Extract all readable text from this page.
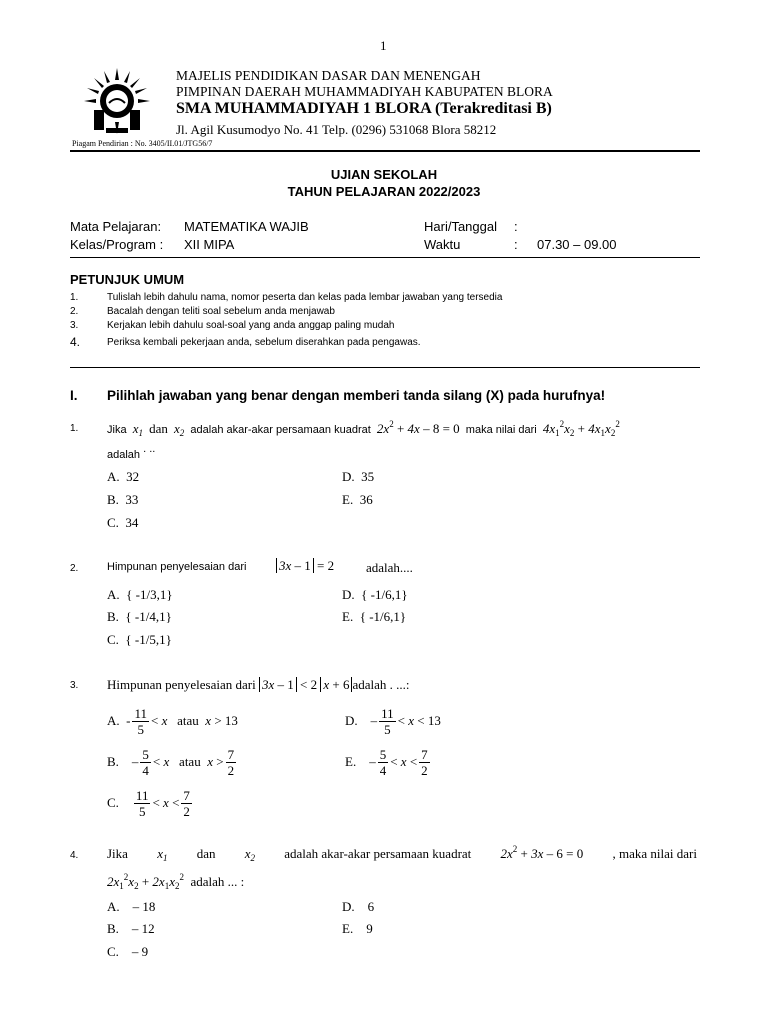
1
MAJELIS PENDIDIKAN DASAR DAN MENENGAH
PIMPINAN DAERAH MUHAMMADIYAH KABUPATEN BLORA
SMA MUHAMMADIYAH 1 BLORA (Terakreditasi B)
Jl. Agil Kusumodyo No. 41 Telp. (0296) 531068 Blora 58212
Piagam Pendirian : No. 3405/II.01/JTG56/7
UJIAN SEKOLAH
TAHUN PELAJARAN 2022/2023
Mata Pelajaran: MATEMATIKA WAJIB	Hari/Tanggal :
Kelas/Program : XII MIPA	Waktu	: 07.30 – 09.00
PETUNJUK UMUM
1.	Tulislah lebih dahulu nama, nomor peserta dan kelas pada lembar jawaban yang tersedia
2.	Bacalah dengan teliti soal sebelum anda menjawab
3.	Kerjakan lebih dahulu soal-soal yang anda anggap paling mudah
4.	Periksa kembali pekerjaan anda, sebelum diserahkan pada pengawas.
I. Pilihlah jawaban yang benar dengan memberi tanda silang (X) pada hurufnya!
1.	Jika $x_1$ dan $x_2$ adalah akar-akar persamaan kuadrat $2x^2 + 4x - 8 = 0$ maka nilai dari $4x_1^2x_2 + 4x_1x_2^2$
adalah . ..
A. 32
B. 33
C. 34
D. 35
E. 36
2.	Himpunan penyelesaian dari	3x – 1 = 2 adalah....
A. { -1/3,1}
B. { -1/4,1}
C. { -1/5,1}
D. { -1/6,1}
E. { -1/6,1}
3. Himpunan penyelesaian dari 3x – 1 < 2 x + 6 adalah . ...:
A. - $\frac{11}{5} < x$
atau
x > 13
B. – $\frac{5}{4} < x$
atau
$x > \frac{7}{2}$
C.
$\frac{11}{5} < x < \frac{7}{2}$
D. – $\frac{11}{5} < x < 13$
E. – $\frac{5}{4} < x < \frac{7}{2}$
4. Jika $x_1$ dan $x_2$ adalah akar-akar persamaan kuadrat $2x^2 + 3x - 6 = 0$ , maka nilai dari
$2x_1^2x_2 + 2x_1x_2^2$ adalah ... :
A. – 18
B. – 12
C. – 9
D. 6
E. 9
